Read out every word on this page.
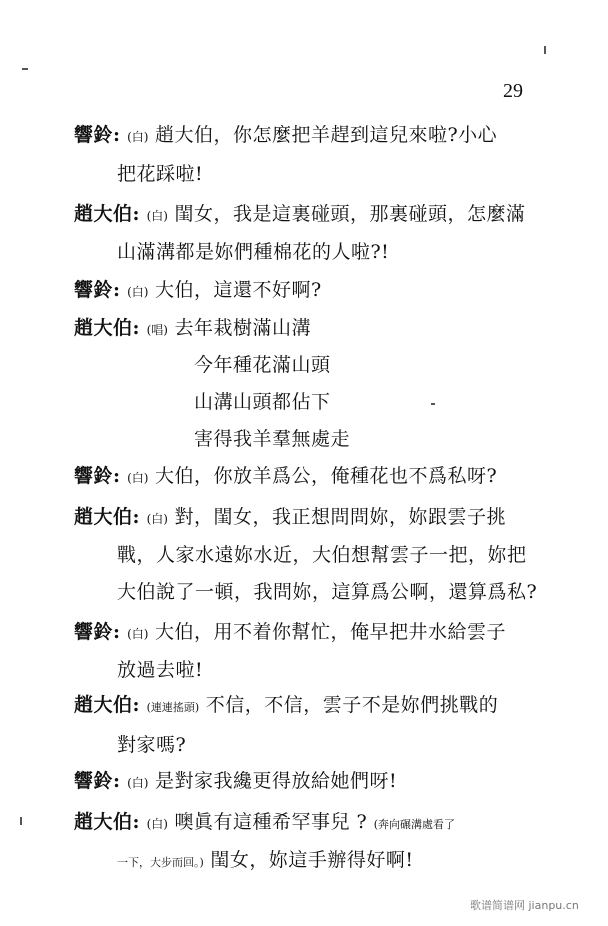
29
響鈴: (白) 趙大伯，你怎麼把羊趕到這兒來啦?小心
把花踩啦!
趙大伯: (白) 閨女，我是這裏碰頭，那裏碰頭，怎麼滿
山滿溝都是妳們種棉花的人啦?!
響鈴: (白) 大伯，這還不好啊?
趙大伯: (唱) 去年栽樹滿山溝
今年種花滿山頭
山溝山頭都佔下
害得我羊羣無處走
響鈴: (白) 大伯，你放羊爲公，俺種花也不爲私呀?
趙大伯: (白) 對，閨女，我正想問問妳，妳跟雲子挑
戰，人家水遠妳水近，大伯想幫雲子一把，妳把
大伯說了一頓，我問妳，這算爲公啊，還算爲私?
響鈴: (白) 大伯，用不着你幫忙，俺早把井水給雲子
放過去啦!
趙大伯: (連連搖頭) 不信，不信，雲子不是妳們挑戰的
對家嗎?
響鈴: (白) 是對家我纔更得放給她們呀!
趙大伯: (白) 噢眞有這種希罕事兒 ? (奔向碾溝處看了
一下，大步而回。) 閨女，妳這手辦得好啊!
歌谱简谱网 jianpu.cn
